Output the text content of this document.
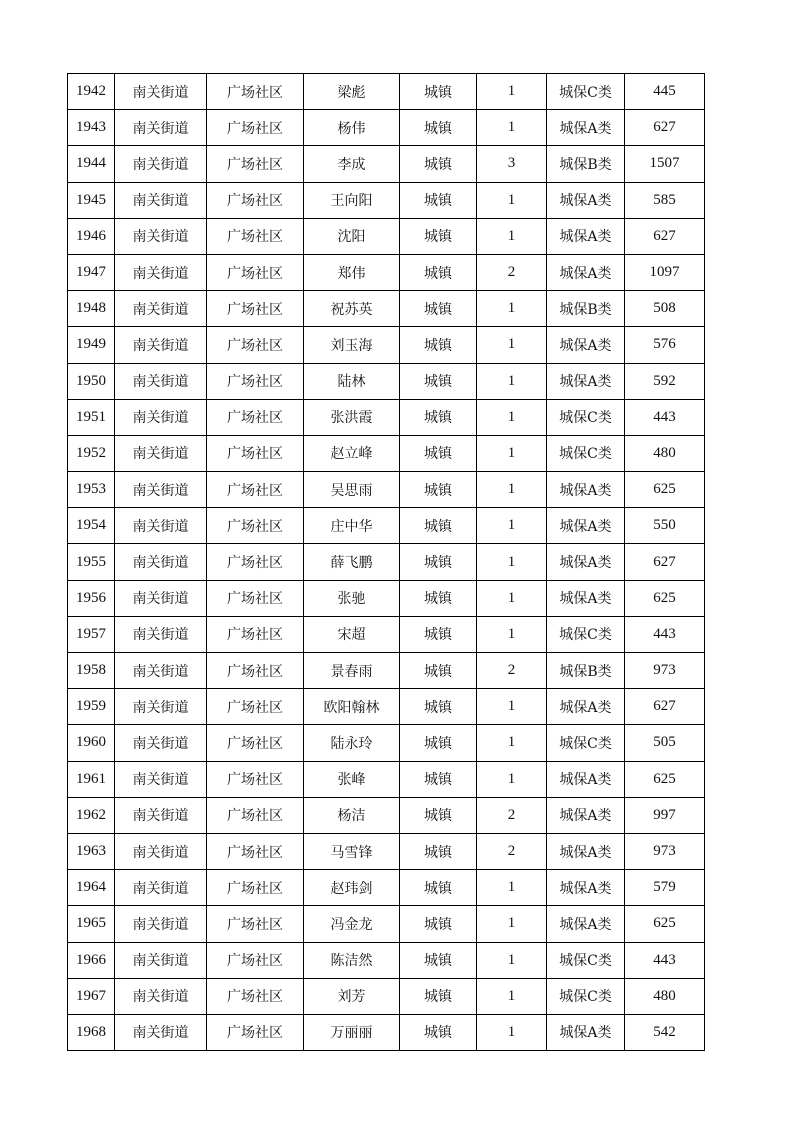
1942	南关街道	广场社区	梁彪	城镇	1	城保C类	445
1943	南关街道	广场社区	杨伟	城镇	1	城保A类	627
1944	南关街道	广场社区	李成	城镇	3	城保B类	1507
1945	南关街道	广场社区	王向阳	城镇	1	城保A类	585
1946	南关街道	广场社区	沈阳	城镇	1	城保A类	627
1947	南关街道	广场社区	郑伟	城镇	2	城保A类	1097
1948	南关街道	广场社区	祝苏英	城镇	1	城保B类	508
1949	南关街道	广场社区	刘玉海	城镇	1	城保A类	576
1950	南关街道	广场社区	陆林	城镇	1	城保A类	592
1951	南关街道	广场社区	张洪霞	城镇	1	城保C类	443
1952	南关街道	广场社区	赵立峰	城镇	1	城保C类	480
1953	南关街道	广场社区	吴思雨	城镇	1	城保A类	625
1954	南关街道	广场社区	庄中华	城镇	1	城保A类	550
1955	南关街道	广场社区	薛飞鹏	城镇	1	城保A类	627
1956	南关街道	广场社区	张驰	城镇	1	城保A类	625
1957	南关街道	广场社区	宋超	城镇	1	城保C类	443
1958	南关街道	广场社区	景春雨	城镇	2	城保B类	973
1959	南关街道	广场社区	欧阳翰林	城镇	1	城保A类	627
1960	南关街道	广场社区	陆永玲	城镇	1	城保C类	505
1961	南关街道	广场社区	张峰	城镇	1	城保A类	625
1962	南关街道	广场社区	杨洁	城镇	2	城保A类	997
1963	南关街道	广场社区	马雪锋	城镇	2	城保A类	973
1964	南关街道	广场社区	赵玮剑	城镇	1	城保A类	579
1965	南关街道	广场社区	冯金龙	城镇	1	城保A类	625
1966	南关街道	广场社区	陈洁然	城镇	1	城保C类	443
1967	南关街道	广场社区	刘芳	城镇	1	城保C类	480
1968	南关街道	广场社区	万丽丽	城镇	1	城保A类	542
